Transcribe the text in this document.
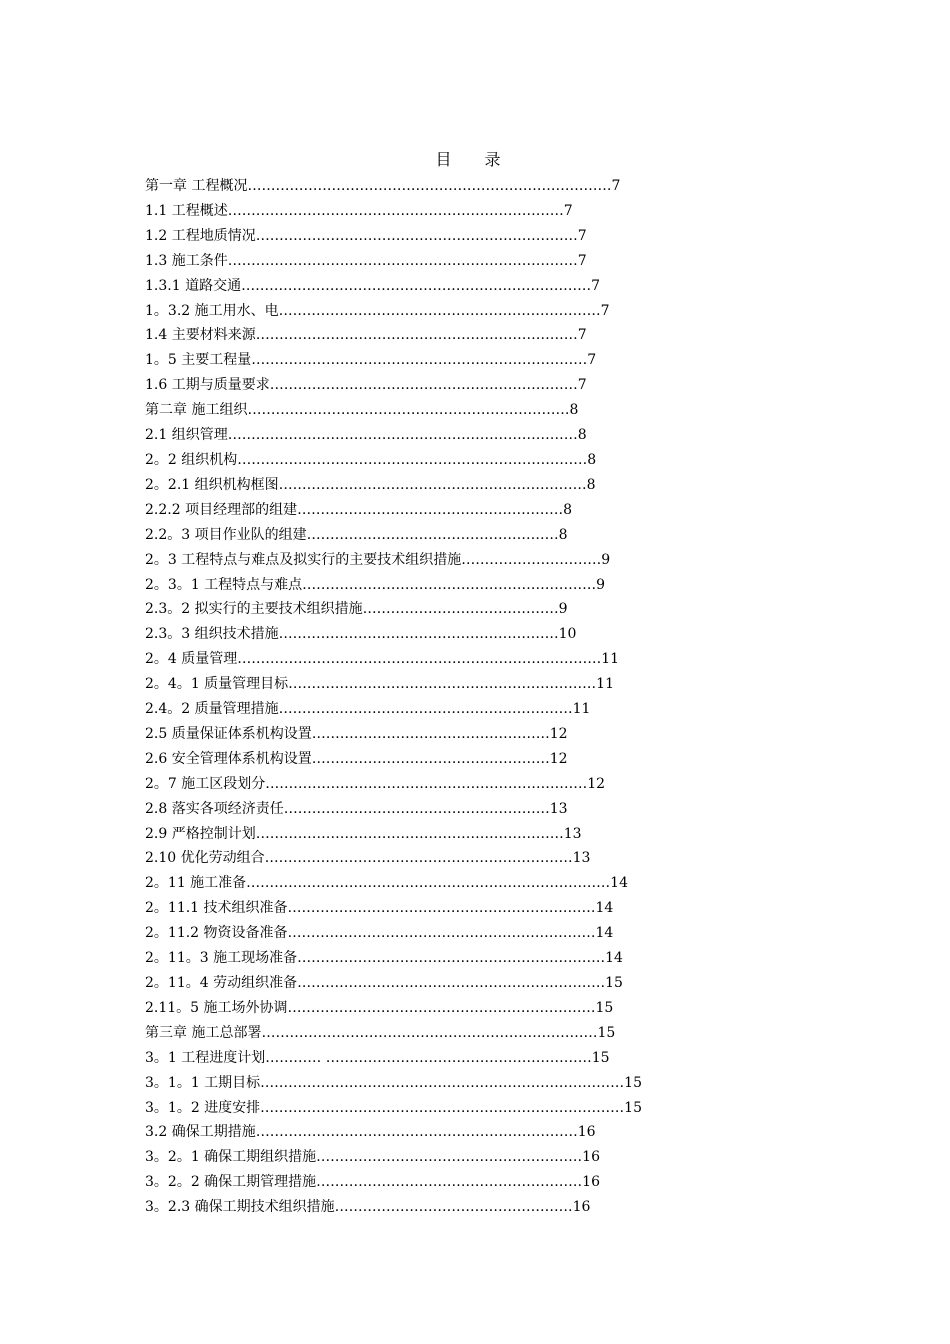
目 录
第一章 工程概况……………………………………………………………………7
1.1 工程概述………………………………………………………………7
1.2 工程地质情况……………………………………………………………7
1.3 施工条件…………………………………………………………………7
1.3.1 道路交通…………………………………………………………………7
1。3.2 施工用水、电……………………………………………………………7
1.4 主要材料来源……………………………………………………………7
1。5 主要工程量………………………………………………………………7
1.6 工期与质量要求…………………………………………………………7
第二章 施工组织……………………………………………………………8
2.1 组织管理…………………………………………………………………8
2。2 组织机构…………………………………………………………………8
2。2.1 组织机构框图…………………………………………………………8
2.2.2 项目经理部的组建…………………………………………………8
2.2。3 项目作业队的组建………………………………………………8
2。3 工程特点与难点及拟实行的主要技术组织措施…………………………9
2。3。1 工程特点与难点………………………………………………………9
2.3。2 拟实行的主要技术组织措施……………………………………9
2.3。3 组织技术措施……………………………………………………10
2。4 质量管理……………………………………………………………………11
2。4。1 质量管理目标…………………………………………………………11
2.4。2 质量管理措施………………………………………………………11
2.5 质量保证体系机构设置……………………………………………12
2.6 安全管理体系机构设置……………………………………………12
2。7 施工区段划分……………………………………………………………12
2.8 落实各项经济责任…………………………………………………13
2.9 严格控制计划…………………………………………………………13
2.10 优化劳动组合…………………………………………………………13
2。11 施工准备……………………………………………………………………14
2。11.1 技术组织准备…………………………………………………………14
2。11.2 物资设备准备…………………………………………………………14
2。11。3 施工现场准备…………………………………………………………14
2。11。4 劳动组织准备…………………………………………………………15
2.11。5 施工场外协调…………………………………………………………15
第三章 施工总部署………………………………………………………………15
3。1 工程进度计划………… …………………………………………………15
3。1。1 工期目标……………………………………………………………………15
3。1。2 进度安排……………………………………………………………………15
3.2 确保工期措施……………………………………………………………16
3。2。1 确保工期组织措施…………………………………………………16
3。2。2 确保工期管理措施…………………………………………………16
3。2.3 确保工期技术组织措施……………………………………………16
